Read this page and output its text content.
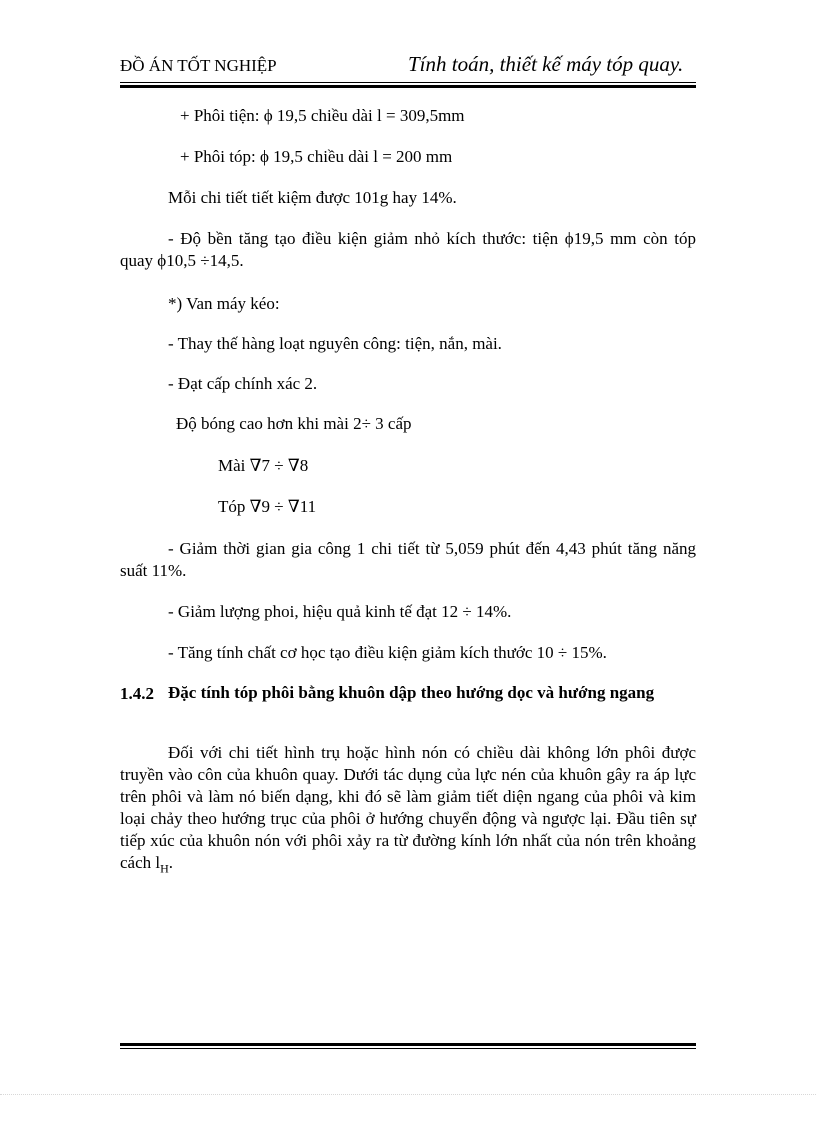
ĐỒ ÁN TỐT NGHIỆP	Tính toán, thiết kế máy tóp quay.
+ Phôi tiện: ϕ 19,5 chiều dài l = 309,5mm
+ Phôi tóp: ϕ 19,5 chiều dài l = 200 mm
Mỗi chi tiết tiết kiệm được 101g hay 14%.
- Độ bền tăng tạo điều kiện giảm nhỏ kích thước: tiện ϕ19,5 mm còn tóp quay ϕ10,5 ÷14,5.
*) Van máy kéo:
- Thay thế hàng loạt nguyên công: tiện, nắn, mài.
- Đạt cấp chính xác 2.
Độ bóng cao hơn khi mài 2÷ 3 cấp
Mài ∇7 ÷ ∇8
Tóp ∇9 ÷ ∇11
- Giảm thời gian gia công 1 chi tiết từ 5,059 phút đến 4,43 phút tăng năng suất 11%.
- Giảm lượng phoi, hiệu quả kinh tế đạt 12 ÷ 14%.
- Tăng tính chất cơ học tạo điều kiện giảm kích thước 10 ÷ 15%.
1.4.2 Đặc tính tóp phôi bằng khuôn dập theo hướng dọc và hướng ngang
Đối với chi tiết hình trụ hoặc hình nón có chiều dài không lớn phôi được truyền vào côn của khuôn quay. Dưới tác dụng của lực nén của khuôn gây ra áp lực trên phôi và làm nó biến dạng, khi đó sẽ làm giảm tiết diện ngang của phôi và kim loại chảy theo hướng trục của phôi ở hướng chuyển động và ngược lại. Đầu tiên sự tiếp xúc của khuôn nón với phôi xảy ra từ đường kính lớn nhất của nón trên khoảng cách $l_H$.
